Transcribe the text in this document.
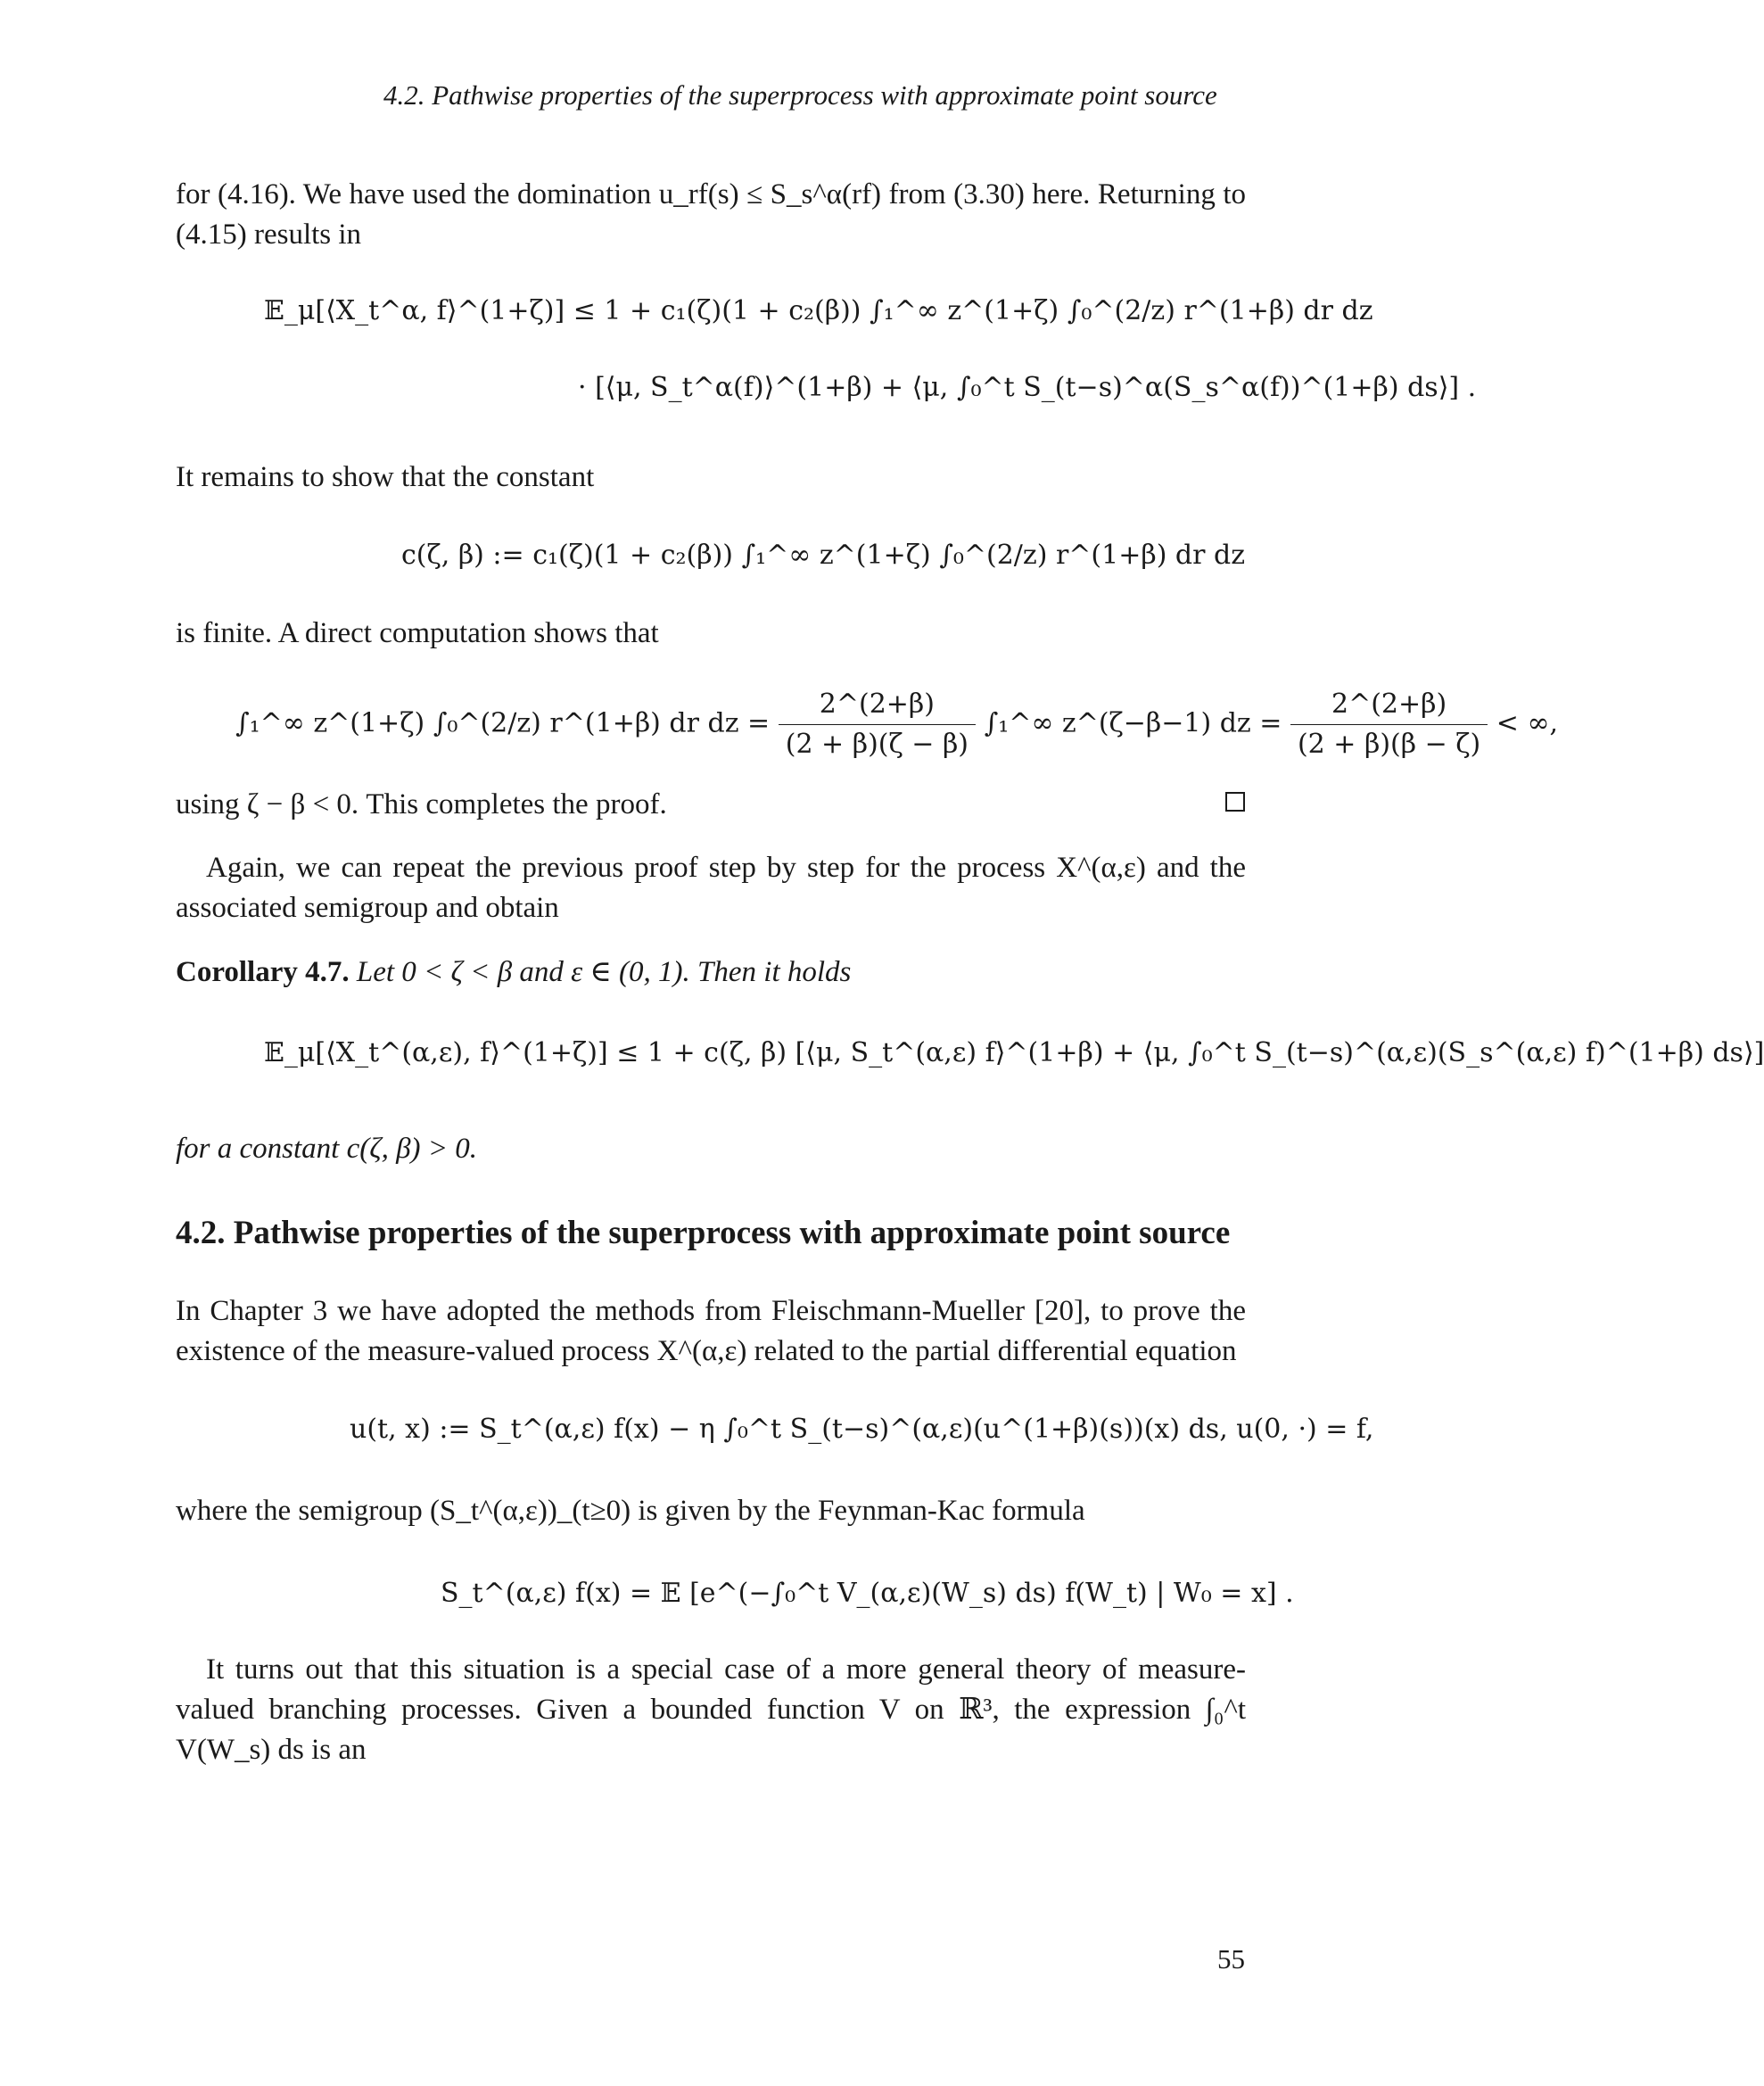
4.2. Pathwise properties of the superprocess with approximate point source
for (4.16). We have used the domination u_rf(s) ≤ S_s^α(rf) from (3.30) here. Returning to (4.15) results in
𝔼_μ[⟨X_t^α, f⟩^(1+ζ)] ≤ 1 + c₁(ζ)(1 + c₂(β)) ∫₁^∞ z^(1+ζ) ∫₀^(2/z) r^(1+β) dr dz
· [⟨μ, S_t^α(f)⟩^(1+β) + ⟨μ, ∫₀^t S_(t−s)^α(S_s^α(f))^(1+β) ds⟩] .
It remains to show that the constant
c(ζ, β) := c₁(ζ)(1 + c₂(β)) ∫₁^∞ z^(1+ζ) ∫₀^(2/z) r^(1+β) dr dz
is finite. A direct computation shows that
∫₁^∞ z^(1+ζ) ∫₀^(2/z) r^(1+β) dr dz = $\frac{2\^{}(2+\beta)}{(2 + \beta)(\zeta - \beta)}$ ∫₁^∞ z^(ζ−β−1) dz = $\frac{2\^{}(2+\beta)}{(2 + \beta)(\beta - \zeta)}$ < ∞,
using ζ − β < 0. This completes the proof.
Again, we can repeat the previous proof step by step for the process X^(α,ε) and the associated semigroup and obtain
Corollary 4.7. Let 0 < ζ < β and ε ∈ (0, 1). Then it holds
𝔼_μ[⟨X_t^(α,ε), f⟩^(1+ζ)] ≤ 1 + c(ζ, β) [⟨μ, S_t^(α,ε) f⟩^(1+β) + ⟨μ, ∫₀^t S_(t−s)^(α,ε)(S_s^(α,ε) f)^(1+β) ds⟩]
for a constant c(ζ, β) > 0.
4.2. Pathwise properties of the superprocess with approximate point source
In Chapter 3 we have adopted the methods from Fleischmann-Mueller [20], to prove the existence of the measure-valued process X^(α,ε) related to the partial differential equation
u(t, x) := S_t^(α,ε) f(x) − η ∫₀^t S_(t−s)^(α,ε)(u^(1+β)(s))(x) ds, u(0, ·) = f,
where the semigroup (S_t^(α,ε))_(t≥0) is given by the Feynman-Kac formula
S_t^(α,ε) f(x) = 𝔼 [e^(−∫₀^t V_(α,ε)(W_s) ds) f(W_t) | W₀ = x] .
It turns out that this situation is a special case of a more general theory of measure-valued branching processes. Given a bounded function V on ℝ³, the expression ∫₀^t V(W_s) ds is an
55
